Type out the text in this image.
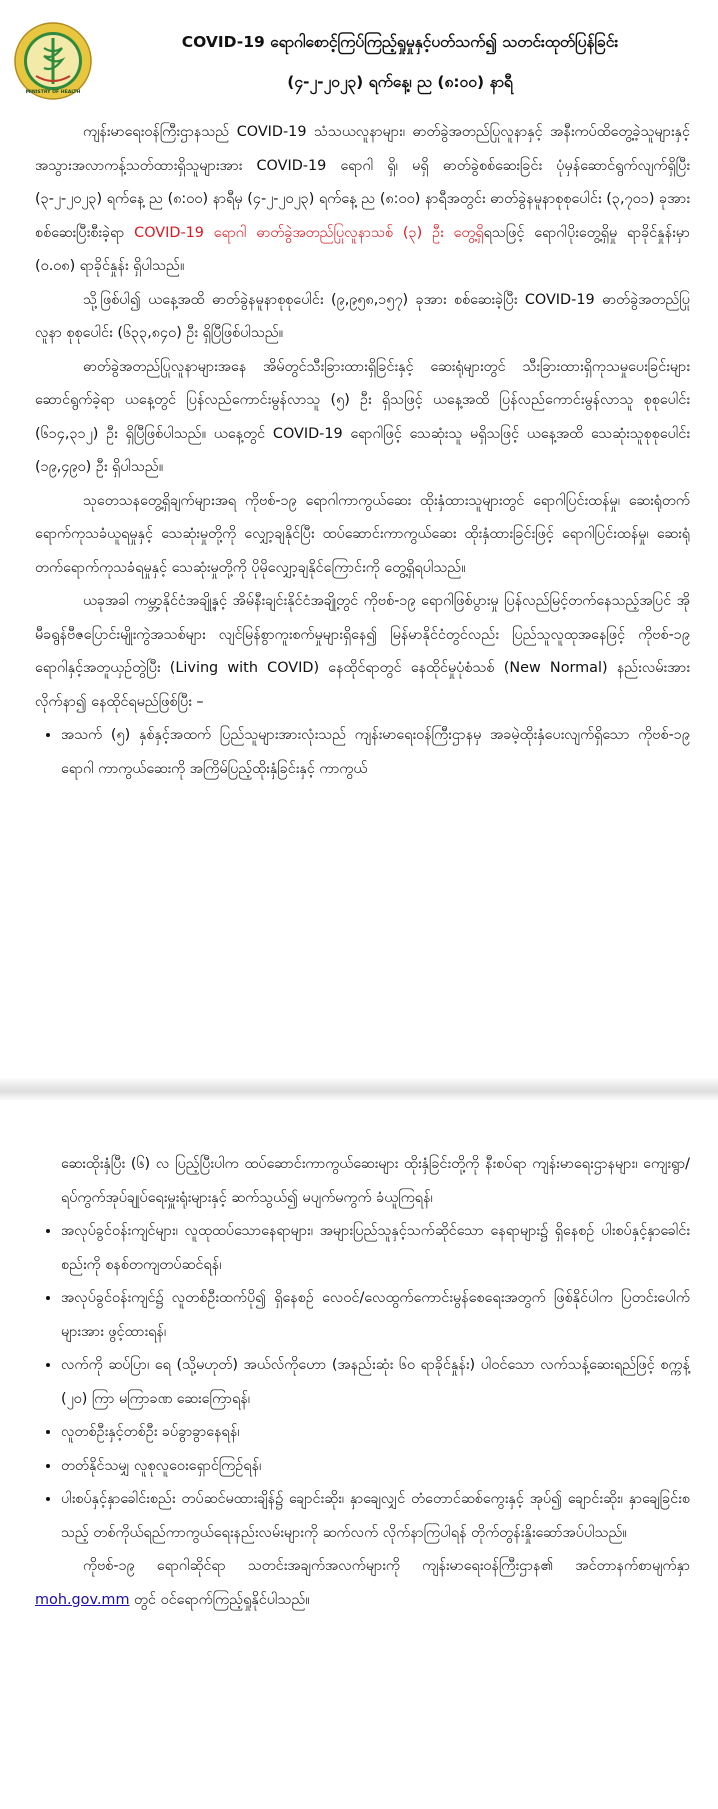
MINISTRY OF HEALTH
COVID-19 ရောဂါစောင့်ကြပ်ကြည့်ရှုမှုနှင့်ပတ်သက်၍ သတင်းထုတ်ပြန်ခြင်း
(၄-၂-၂၀၂၃) ရက်နေ့၊ ည (၈:၀၀) နာရီ

ကျန်းမာရေးဝန်ကြီးဌာနသည် COVID-19 သံသယလူနာများ၊ ဓာတ်ခွဲအတည်ပြုလူနာနှင့် အနီးကပ်ထိတွေ့ခဲ့သူများနှင့် အသွားအလာကန့်သတ်ထားရှိသူများအား COVID-19 ရောဂါ ရှိ၊ မရှိ ဓာတ်ခွဲစစ်ဆေးခြင်း ပုံမှန်ဆောင်ရွက်လျက်ရှိပြီး (၃-၂-၂၀၂၃) ရက်နေ့ ည (၈:၀၀) နာရီမှ (၄-၂-၂၀၂၃) ရက်နေ့ ည (၈:၀၀) နာရီအတွင်း ဓာတ်ခွဲနမူနာစုစုပေါင်း (၃,၇၀၁) ခုအား စစ်ဆေးပြီးစီးခဲ့ရာ COVID-19 ရောဂါ ဓာတ်ခွဲအတည်ပြုလူနာသစ် (၃) ဦး တွေ့ရှိရသဖြင့် ရောဂါပိုးတွေ့ရှိမှု ရာခိုင်နှုန်းမှာ (၀.၀၈) ရာခိုင်နှုန်း ရှိပါသည်။

သို့ဖြစ်ပါ၍ ယနေ့အထိ ဓာတ်ခွဲနမူနာစုစုပေါင်း (၉,၉၅၈,၁၅၇) ခုအား စစ်ဆေးခဲ့ပြီး COVID-19 ဓာတ်ခွဲအတည်ပြုလူနာ စုစုပေါင်း (၆၃၃,၈၄၀) ဦး ရှိပြီဖြစ်ပါသည်။

ဓာတ်ခွဲအတည်ပြုလူနာများအနေ အိမ်တွင်သီးခြားထားရှိခြင်းနှင့် ဆေးရုံများတွင် သီးခြားထားရှိကုသမှုပေးခြင်းများ ဆောင်ရွက်ခဲ့ရာ ယနေ့တွင် ပြန်လည်ကောင်းမွန်လာသူ (၅) ဦး ရှိသဖြင့် ယနေ့အထိ ပြန်လည်ကောင်းမွန်လာသူ စုစုပေါင်း (၆၁၄,၃၁၂) ဦး ရှိပြီဖြစ်ပါသည်။ ယနေ့တွင် COVID-19 ရောဂါဖြင့် သေဆုံးသူ မရှိသဖြင့် ယနေ့အထိ သေဆုံးသူစုစုပေါင်း (၁၉,၄၉၀) ဦး ရှိပါသည်။

သုတေသနတွေ့ရှိချက်များအရ ကိုဗစ်-၁၉ ရောဂါကာကွယ်ဆေး ထိုးနှံထားသူများတွင် ရောဂါပြင်းထန်မှု၊ ဆေးရုံတက်ရောက်ကုသခံယူရမှုနှင့် သေဆုံးမှုတို့ကို လျှော့ချနိုင်ပြီး ထပ်ဆောင်းကာကွယ်ဆေး ထိုးနှံထားခြင်းဖြင့် ရောဂါပြင်းထန်မှု၊ ဆေးရုံတက်ရောက်ကုသခံရမှုနှင့် သေဆုံးမှုတို့ကို ပိုမိုလျှော့ချနိုင်ကြောင်းကို တွေ့ရှိရပါသည်။

ယခုအခါ ကမ္ဘာ့နိုင်ငံအချို့နှင့် အိမ်နီးချင်းနိုင်ငံအချို့တွင် ကိုဗစ်-၁၉ ရောဂါဖြစ်ပွားမှု ပြန်လည်မြင့်တက်နေသည့်အပြင် အိုမီခရွန်ဗီဇပြောင်းမျိုးကွဲအသစ်များ လျင်မြန်စွာကူးစက်မှုများရှိနေ၍ မြန်မာနိုင်ငံတွင်လည်း ပြည်သူလူထုအနေဖြင့် ကိုဗစ်-၁၉ ရောဂါနှင့်အတူယှဉ်တွဲပြီး (Living with COVID) နေထိုင်ရာတွင် နေထိုင်မှုပုံစံသစ် (New Normal) နည်းလမ်းအား လိုက်နာ၍ နေထိုင်ရမည်ဖြစ်ပြီး –

• အသက် (၅) နှစ်နှင့်အထက် ပြည်သူများအားလုံးသည် ကျန်းမာရေးဝန်ကြီးဌာနမှ အခမဲ့ထိုးနှံပေးလျက်ရှိသော ကိုဗစ်-၁၉ ရောဂါ ကာကွယ်ဆေးကို အကြိမ်ပြည့်ထိုးနှံခြင်းနှင့် ကာကွယ်
ဆေးထိုးနှံပြီး (၆) လ ပြည့်ပြီးပါက ထပ်ဆောင်းကာကွယ်ဆေးများ ထိုးနှံခြင်းတို့ကို နီးစပ်ရာ ကျန်းမာရေးဌာနများ၊ ကျေးရွာ/ရပ်ကွက်အုပ်ချုပ်ရေးမှူးရုံးများနှင့် ဆက်သွယ်၍ မပျက်မကွက် ခံယူကြရန်၊
• အလုပ်ခွင်ဝန်းကျင်များ၊ လူထုထပ်သောနေရာများ၊ အများပြည်သူနှင့်သက်ဆိုင်သော နေရာများ၌ ရှိနေစဉ် ပါးစပ်နှင့်နှာခေါင်းစည်းကို စနစ်တကျတပ်ဆင်ရန်၊
• အလုပ်ခွင်ဝန်းကျင်၌ လူတစ်ဦးထက်ပို၍ ရှိနေစဉ် လေဝင်/လေထွက်ကောင်းမွန်စေရေးအတွက် ဖြစ်နိုင်ပါက ပြတင်းပေါက်များအား ဖွင့်ထားရန်၊
• လက်ကို ဆပ်ပြာ၊ ရေ (သို့မဟုတ်) အယ်လ်ကိုဟော (အနည်းဆုံး ၆၀ ရာခိုင်နှုန်း) ပါဝင်သော လက်သန့်ဆေးရည်ဖြင့် စက္ကန့် (၂၀) ကြာ မကြာခဏ ဆေးကြောရန်၊
• လူတစ်ဦးနှင့်တစ်ဦး ခပ်ခွာခွာနေရန်၊
• တတ်နိုင်သမျှ လူစုလူဝေးရှောင်ကြဉ်ရန်၊
• ပါးစပ်နှင့်နှာခေါင်းစည်း တပ်ဆင်မထားချိန်၌ ချောင်းဆိုး၊ နှာချေလျှင် တံတောင်ဆစ်ကွေးနှင့် အုပ်၍ ချောင်းဆိုး၊ နှာချေခြင်းစသည့် တစ်ကိုယ်ရည်ကာကွယ်ရေးနည်းလမ်းများကို ဆက်လက် လိုက်နာကြပါရန် တိုက်တွန်းနှိုးဆော်အပ်ပါသည်။

ကိုဗစ်-၁၉ ရောဂါဆိုင်ရာ သတင်းအချက်အလက်များကို ကျန်းမာရေးဝန်ကြီးဌာန၏ အင်တာနက်စာမျက်နှာ moh.gov.mm တွင် ဝင်ရောက်ကြည့်ရှုနိုင်ပါသည်။
